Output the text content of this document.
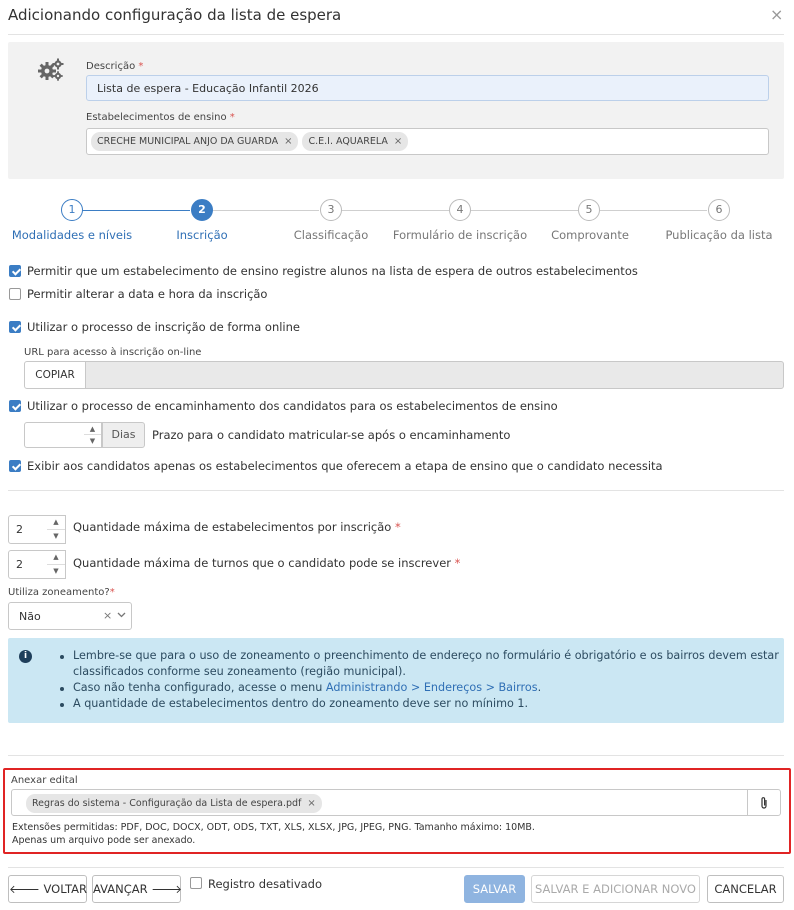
Adicionando configuração da lista de espera	×
Descrição *
Lista de espera - Educação Infantil 2026
Estabelecimentos de ensino *
CRECHE MUNICIPAL ANJO DA GUARDA × C.E.I. AQUARELA ×
1	2	3	4	5	6
Modalidades e níveis	Inscrição	Classificação Formulário de inscrição Comprovante	Publicação da lista
Permitir que um estabelecimento de ensino registre alunos na lista de espera de outros estabelecimentos
Permitir alterar a data e hora da inscrição
Utilizar o processo de inscrição de forma online
URL para acesso à inscrição on-line
COPIAR
Utilizar o processo de encaminhamento dos candidatos para os estabelecimentos de ensino
▲
▼	Dias	Prazo para o candidato matricular-se após o encaminhamento
Exibir aos candidatos apenas os estabelecimentos que oferecem a etapa de ensino que o candidato necessita
2
▲
▼
Quantidade máxima de estabelecimentos por inscrição *
2
▲
▼
Quantidade máxima de turnos que o candidato pode se inscrever *
Utiliza zoneamento?*
Não	×
i	Lembre-se que para o uso de zoneamento o preenchimento de endereço no formulário é obrigatório e os bairros devem estar
classificados conforme seu zoneamento (região municipal).
Caso não tenha configurado, acesse o menu Administrando > Endereços > Bairros.
A quantidade de estabelecimentos dentro do zoneamento deve ser no mínimo 1.
Anexar edital
Regras do sistema - Configuração da Lista de espera.pdf ×
Extensões permitidas: PDF, DOC, DOCX, ODT, ODS, TXT, XLS, XLSX, JPG, JPEG, PNG. Tamanho máximo: 10MB.
Apenas um arquivo pode ser anexado.
🡐 VOLTAR AVANÇAR 🡒 Registro desativado	SALVAR	SALVAR E ADICIONAR NOVO	CANCELAR
